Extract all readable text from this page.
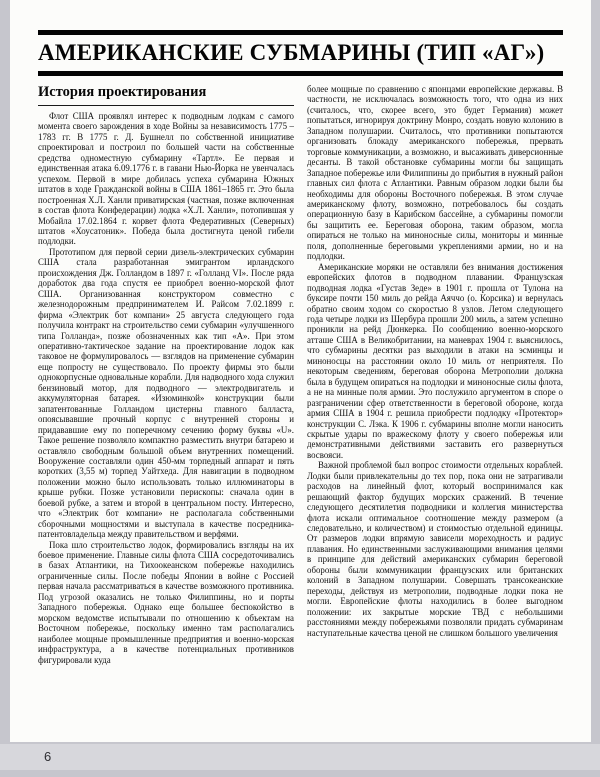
АМЕРИКАНСКИЕ СУБМАРИНЫ (ТИП «АГ»)
История проектирования

Флот США проявлял интерес к подводным лодкам с самого момента своего зарождения в ходе Войны за независимость 1775 – 1783 гг. В 1775 г. Д. Бушнелл по собственной инициативе спроектировал и построил по большей части на собственные средства одноместную субмарину «Тартл». Ее первая и единственная атака 6.09.1776 г. в гавани Нью-Йорка не увенчалась успехом. Первой в мире добилась успеха субмарина Южных штатов в ходе Гражданской войны в США 1861–1865 гг. Это была построенная Х.Л. Ханли приватирская (частная, позже включенная в состав флота Конфедерации) лодка «Х.Л. Ханли», потопившая у Мобайла 17.02.1864 г. корвет флота Федеративных (Северных) штатов «Хоусатоник». Победа была достигнута ценой гибели подлодки.

Прототипом для первой серии дизель-электрических субмарин США стала разработанная эмигрантом ирландского происхождения Дж. Голландом в 1897 г. «Голланд VI». После ряда доработок два года спустя ее приобрел военно-морской флот США. Организованная конструктором совместно с железнодорожным предпринимателем И. Райсом 7.02.1899 г. фирма «Электрик бот компани» 25 августа следующего года получила контракт на строительство семи субмарин «улучшенного типа Голланда», позже обозначенных как тип «А». При этом оперативно-тактическое задание на проектирование лодок как таковое не формулировалось — взглядов на применение субмарин еще попросту не существовало. По проекту фирмы это были однокорпусные одновальные корабли. Для надводного хода служил бензиновый мотор, для подводного — электродвигатель и аккумуляторная батарея. «Изюминкой» конструкции были запатентованные Голландом цистерны главного балласта, опоясывавшие прочный корпус с внутренней стороны и придававшие ему по поперечному сечению форму буквы «U». Такое решение позволяло компактно разместить внутри батарею и оставляло свободным большой объем внутренних помещений. Вооружение составляли один 450-мм торпедный аппарат и пять коротких (3,55 м) торпед Уайтхеда. Для навигации в подводном положении можно было использовать только иллюминаторы в крыше рубки. Позже установили перископы: сначала один в боевой рубке, а затем и второй в центральном посту. Интересно, что «Электрик бот компани» не располагала собственными сборочными мощностями и выступала в качестве посредника-патентовладельца между правительством и верфями.

Пока шло строительство лодок, формировались взгляды на их боевое применение. Главные силы флота США сосредоточивались в базах Атлантики, на Тихоокеанском побережье находились ограниченные силы. После победы Японии в войне с Россией первая начала рассматриваться в качестве возможного противника. Под угрозой оказались не только Филиппины, но и порты Западного побережья. Однако еще большее беспокойство в морском ведомстве испытывали по отношению к объектам на Восточном побережье, поскольку именно там располагались наиболее мощные промышленные предприятия и военно-морская инфраструктура, а в качестве потенциальных противников фигурировали куда

более мощные по сравнению с японцами европейские державы. В частности, не исключалась возможность того, что одна из них (считалось, что, скорее всего, это будет Германия) может попытаться, игнорируя доктрину Монро, создать новую колонию в Западном полушарии. Считалось, что противники попытаются организовать блокаду американского побережья, прервать торговые коммуникации, а возможно, и высаживать диверсионные десанты. В такой обстановке субмарины могли бы защищать Западное побережье или Филиппины до прибытия в нужный район главных сил флота с Атлантики. Равным образом лодки были бы необходимы для обороны Восточного побережья. В этом случае американскому флоту, возможно, потребовалось бы создать операционную базу в Карибском бассейне, а субмарины помогли бы защитить ее. Береговая оборона, таким образом, могла опираться не только на миноносные силы, мониторы и минные поля, дополненные береговыми укреплениями армии, но и на подлодки.

Американские моряки не оставляли без внимания достижения европейских флотов в подводном плавании. Французская подводная лодка «Густав Зеде» в 1901 г. прошла от Тулона на буксире почти 150 миль до рейда Аяччо (о. Корсика) и вернулась обратно своим ходом со скоростью 8 узлов. Летом следующего года четыре лодки из Шербура прошли 200 миль, а затем успешно проникли на рейд Дюнкерка. По сообщению военно-морского атташе США в Великобритании, на маневрах 1904 г. выяснилось, что субмарины десятки раз выходили в атаки на эсминцы и миноносцы на расстоянии около 10 миль от неприятеля. По некоторым сведениям, береговая оборона Метрополии должна была в будущем опираться на подлодки и миноносные силы флота, а не на минные поля армии. Это послужило аргументом в споре о разграничении сфер ответственности в береговой обороне, когда армия США в 1904 г. решила приобрести подлодку «Протектор» конструкции С. Лэка. К 1906 г. субмарины вполне могли наносить скрытые удары по вражескому флоту у своего побережья или демонстративными действиями заставить его развернуться восвояси.

Важной проблемой был вопрос стоимости отдельных кораблей. Лодки были привлекательны до тех пор, пока они не затрагивали расходов на линейный флот, который воспринимался как решающий фактор будущих морских сражений. В течение следующего десятилетия подводники и коллегия министерства флота искали оптимальное соотношение между размером (а следовательно, и количеством) и стоимостью отдельной единицы. От размеров лодки впрямую зависели мореходность и радиус плавания. Но единственными заслуживающими внимания целями в принципе для действий американских субмарин береговой обороны были коммуникации французских или британских колоний в Западном полушарии. Совершать трансокеанские переходы, действуя из метрополии, подводные лодки пока не могли. Европейские флоты находились в более выгодном положении: их закрытые морские ТВД с небольшими расстояниями между побережьями позволяли придать субмаринам наступательные качества ценой не слишком большого увеличения

6
